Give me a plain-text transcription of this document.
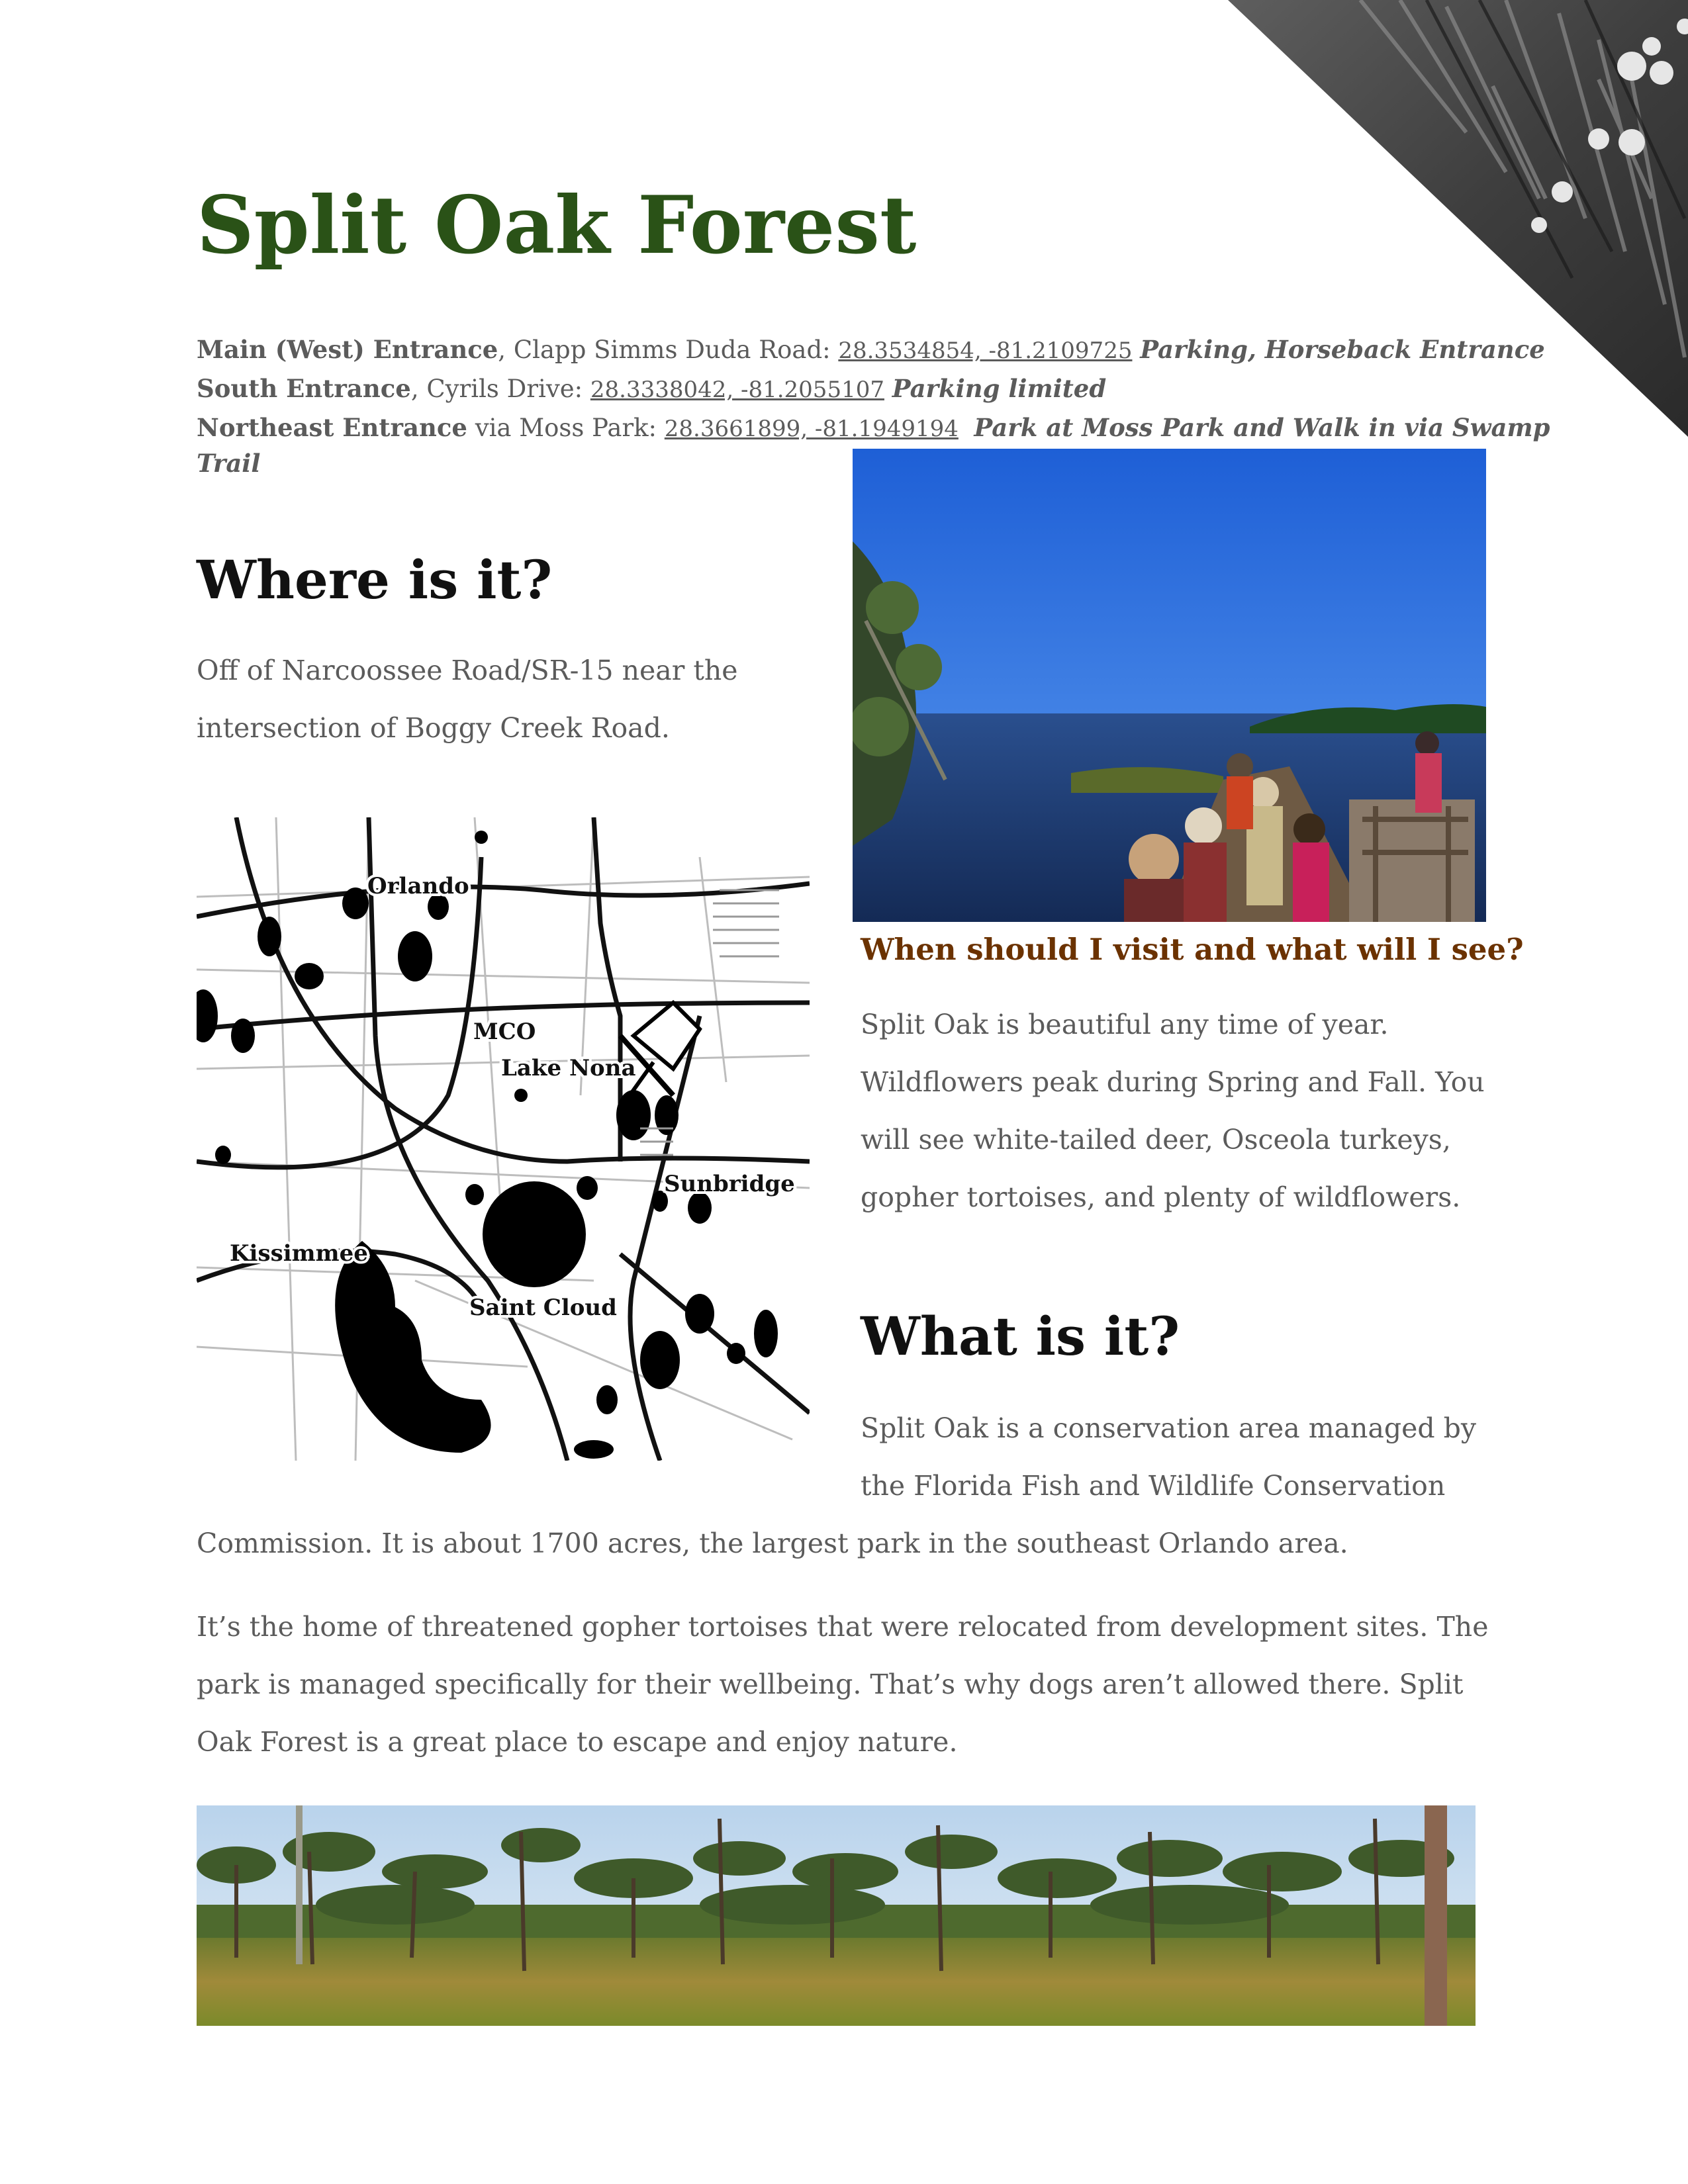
Split Oak Forest
Main (West) Entrance, Clapp Simms Duda Road: 28.3534854, -81.2109725 Parking, Horseback Entrance
South Entrance, Cyrils Drive: 28.3338042, -81.2055107 Parking limited
Northeast Entrance via Moss Park: 28.3661899, -81.1949194 Park at Moss Park and Walk in via Swamp
Trail
Where is it?

Off of Narcoossee Road/SR-15 near the intersection of Boggy Creek Road.

When should I visit and what will I see?

Split Oak is beautiful any time of year. Wildflowers peak during Spring and Fall. You will see white-tailed deer, Osceola turkeys, gopher tortoises, and plenty of wildflowers.

Orlando
MCO
Lake Nona
Sunbridge
Kissimmee
Saint Cloud	What is it?

Split Oak is a conservation area managed by the Florida Fish and Wildlife Conservation

Commission. It is about 1700 acres, the largest park in the southeast Orlando area.

It’s the home of threatened gopher tortoises that were relocated from development sites. The park is managed specifically for their wellbeing. That’s why dogs aren’t allowed there. Split Oak Forest is a great place to escape and enjoy nature.
